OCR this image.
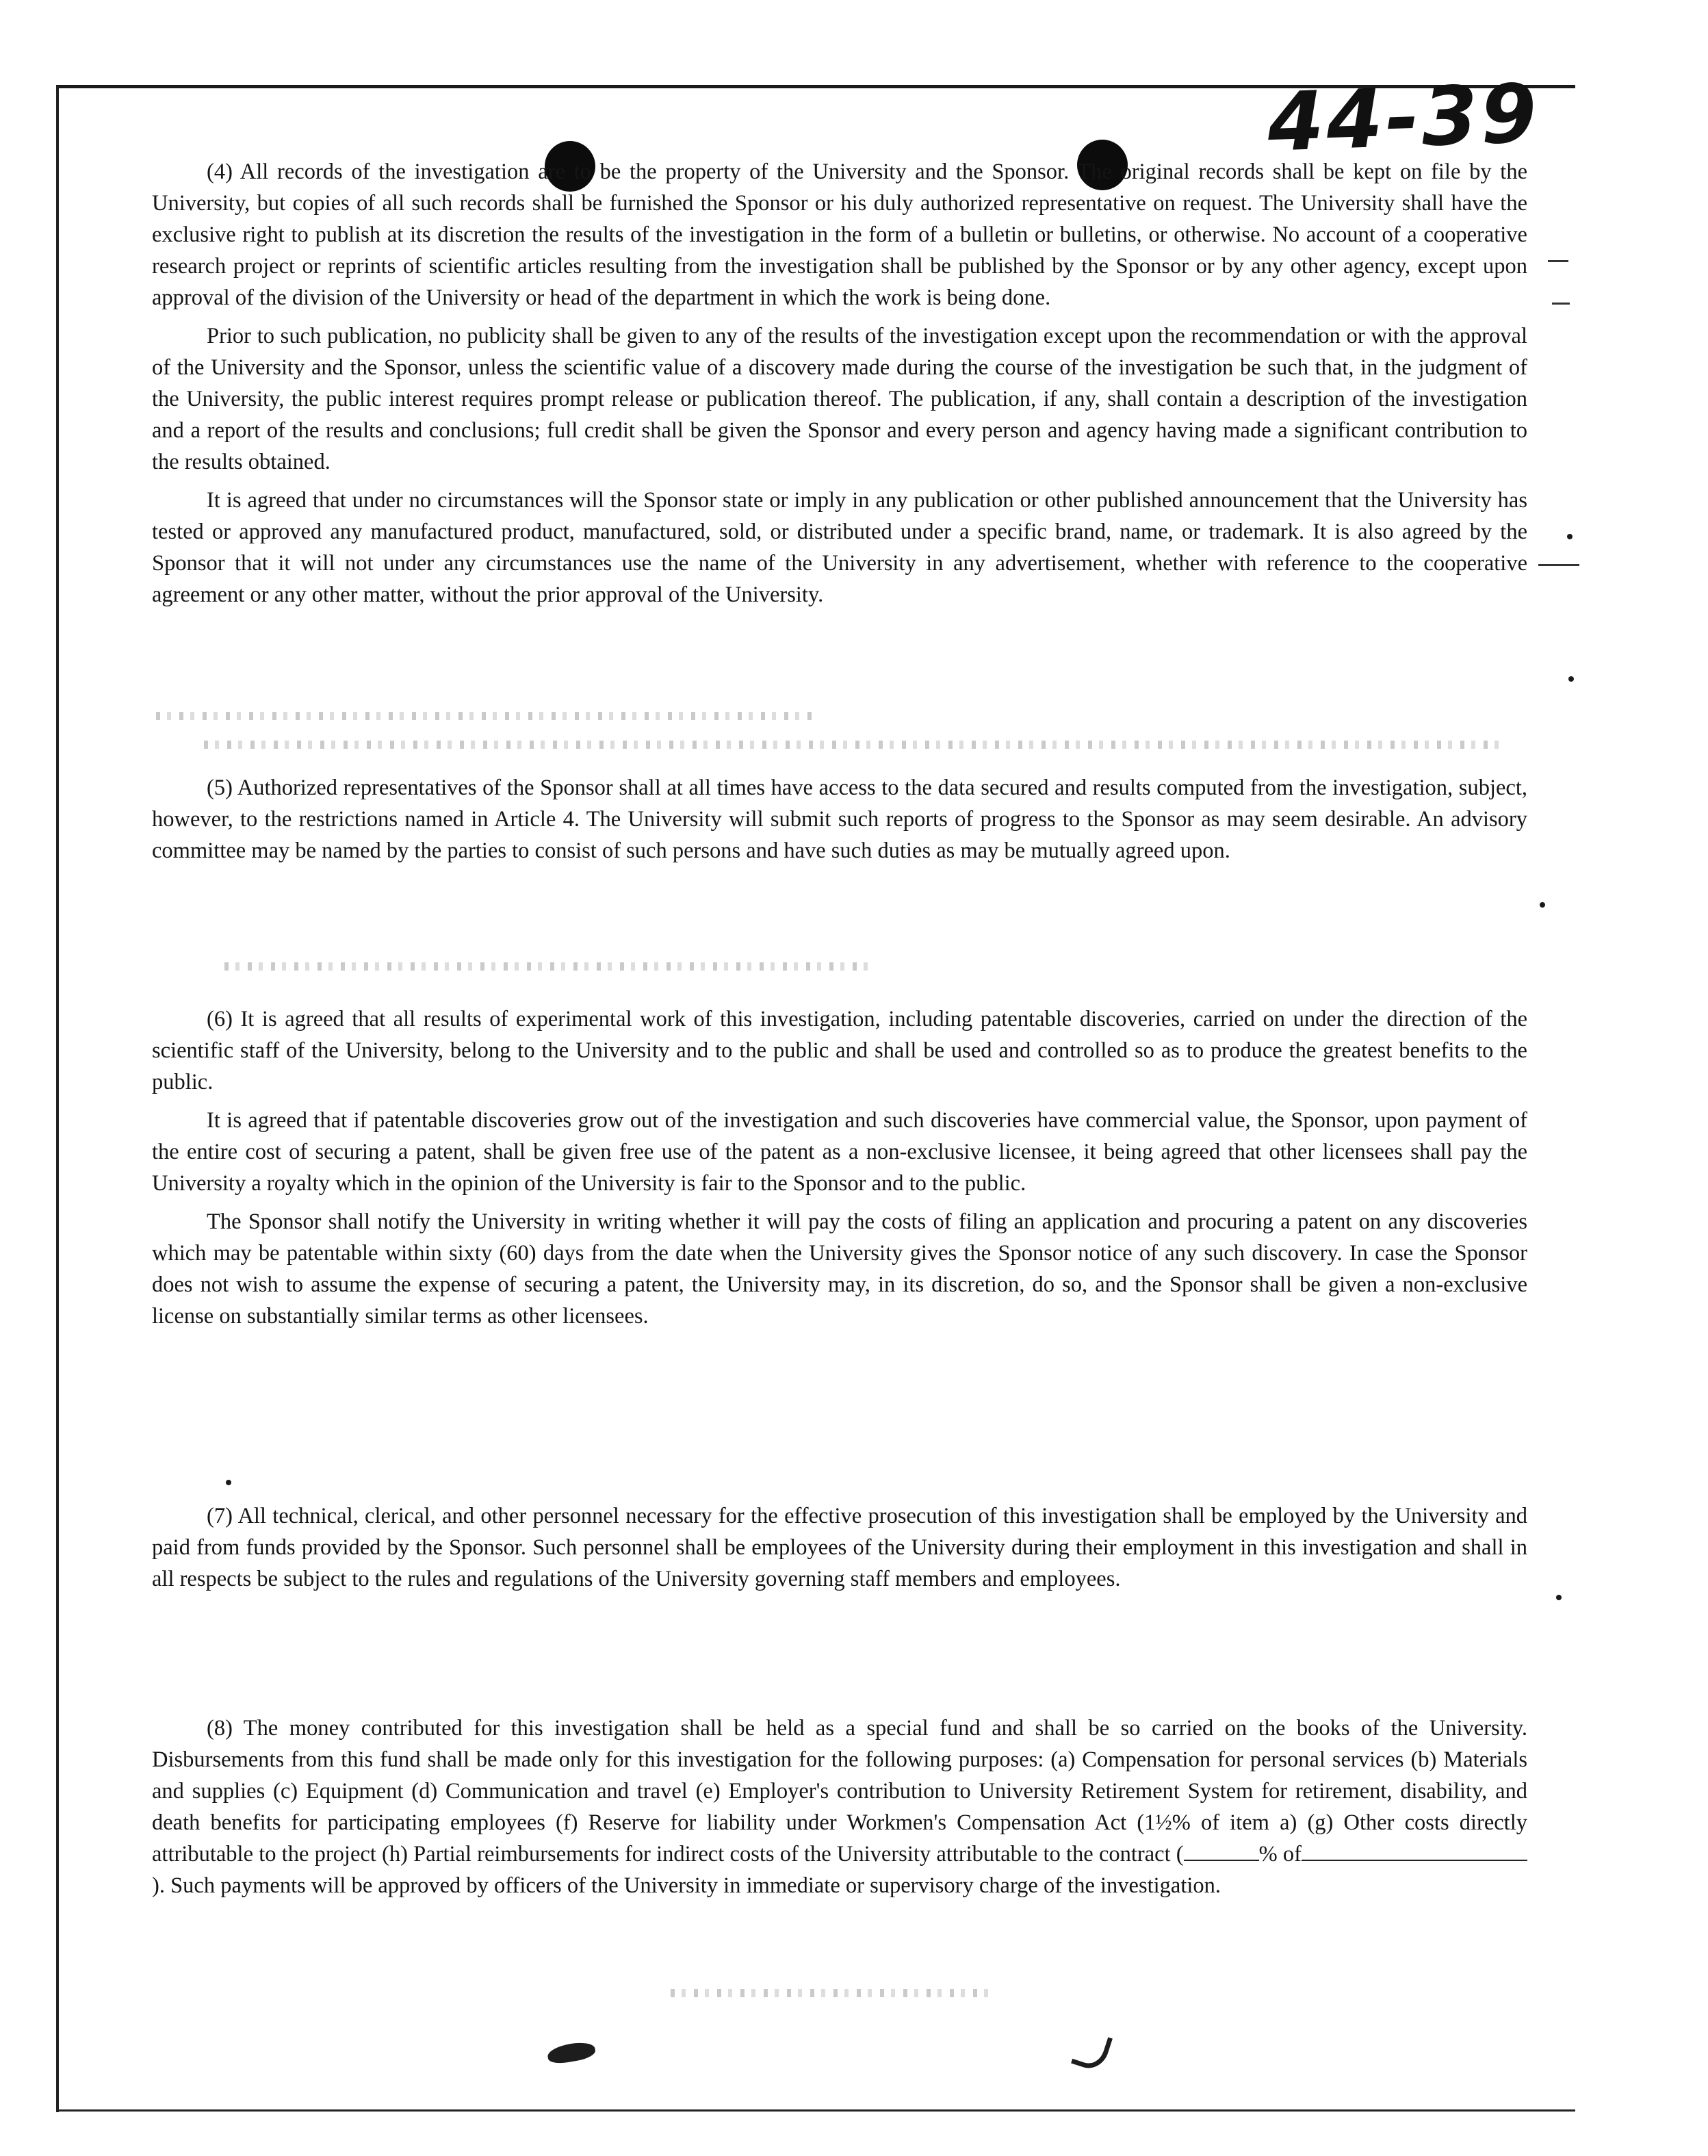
44-39

(4) All records of the investigation are to be the property of the University and the Sponsor. The original records shall be kept on file by the University, but copies of all such records shall be furnished the Sponsor or his duly authorized representative on request. The University shall have the exclusive right to publish at its discretion the results of the investigation in the form of a bulletin or bulletins, or otherwise. No account of a cooperative research project or reprints of scientific articles resulting from the investigation shall be published by the Sponsor or by any other agency, except upon approval of the division of the University or head of the department in which the work is being done.

Prior to such publication, no publicity shall be given to any of the results of the investigation except upon the recommendation or with the approval of the University and the Sponsor, unless the scientific value of a discovery made during the course of the investigation be such that, in the judgment of the University, the public interest requires prompt release or publication thereof. The publication, if any, shall contain a description of the investigation and a report of the results and conclusions; full credit shall be given the Sponsor and every person and agency having made a significant contribution to the results obtained.

It is agreed that under no circumstances will the Sponsor state or imply in any publication or other published announcement that the University has tested or approved any manufactured product, manufactured, sold, or distributed under a specific brand, name, or trademark. It is also agreed by the Sponsor that it will not under any circumstances use the name of the University in any advertisement, whether with reference to the cooperative agreement or any other matter, without the prior approval of the University.

(5) Authorized representatives of the Sponsor shall at all times have access to the data secured and results computed from the investigation, subject, however, to the restrictions named in Article 4. The University will submit such reports of progress to the Sponsor as may seem desirable. An advisory committee may be named by the parties to consist of such persons and have such duties as may be mutually agreed upon.

(6) It is agreed that all results of experimental work of this investigation, including patentable discoveries, carried on under the direction of the scientific staff of the University, belong to the University and to the public and shall be used and controlled so as to produce the greatest benefits to the public.

It is agreed that if patentable discoveries grow out of the investigation and such discoveries have commercial value, the Sponsor, upon payment of the entire cost of securing a patent, shall be given free use of the patent as a non-exclusive licensee, it being agreed that other licensees shall pay the University a royalty which in the opinion of the University is fair to the Sponsor and to the public.

The Sponsor shall notify the University in writing whether it will pay the costs of filing an application and procuring a patent on any discoveries which may be patentable within sixty (60) days from the date when the University gives the Sponsor notice of any such discovery. In case the Sponsor does not wish to assume the expense of securing a patent, the University may, in its discretion, do so, and the Sponsor shall be given a non-exclusive license on substantially similar terms as other licensees.

(7) All technical, clerical, and other personnel necessary for the effective prosecution of this investigation shall be employed by the University and paid from funds provided by the Sponsor. Such personnel shall be employees of the University during their employment in this investigation and shall in all respects be subject to the rules and regulations of the University governing staff members and employees.

(8) The money contributed for this investigation shall be held as a special fund and shall be so carried on the books of the University. Disbursements from this fund shall be made only for this investigation for the following purposes: (a) Compensation for personal services (b) Materials and supplies (c) Equipment (d) Communication and travel (e) Employer's contribution to University Retirement System for retirement, disability, and death benefits for participating employees (f) Reserve for liability under Workmen's Compensation Act (1½% of item a) (g) Other costs directly attributable to the project (h) Partial reimbursements for indirect costs of the University attributable to the contract (	% of). Such payments will be approved by officers of the University in immediate or supervisory charge of the investigation.
